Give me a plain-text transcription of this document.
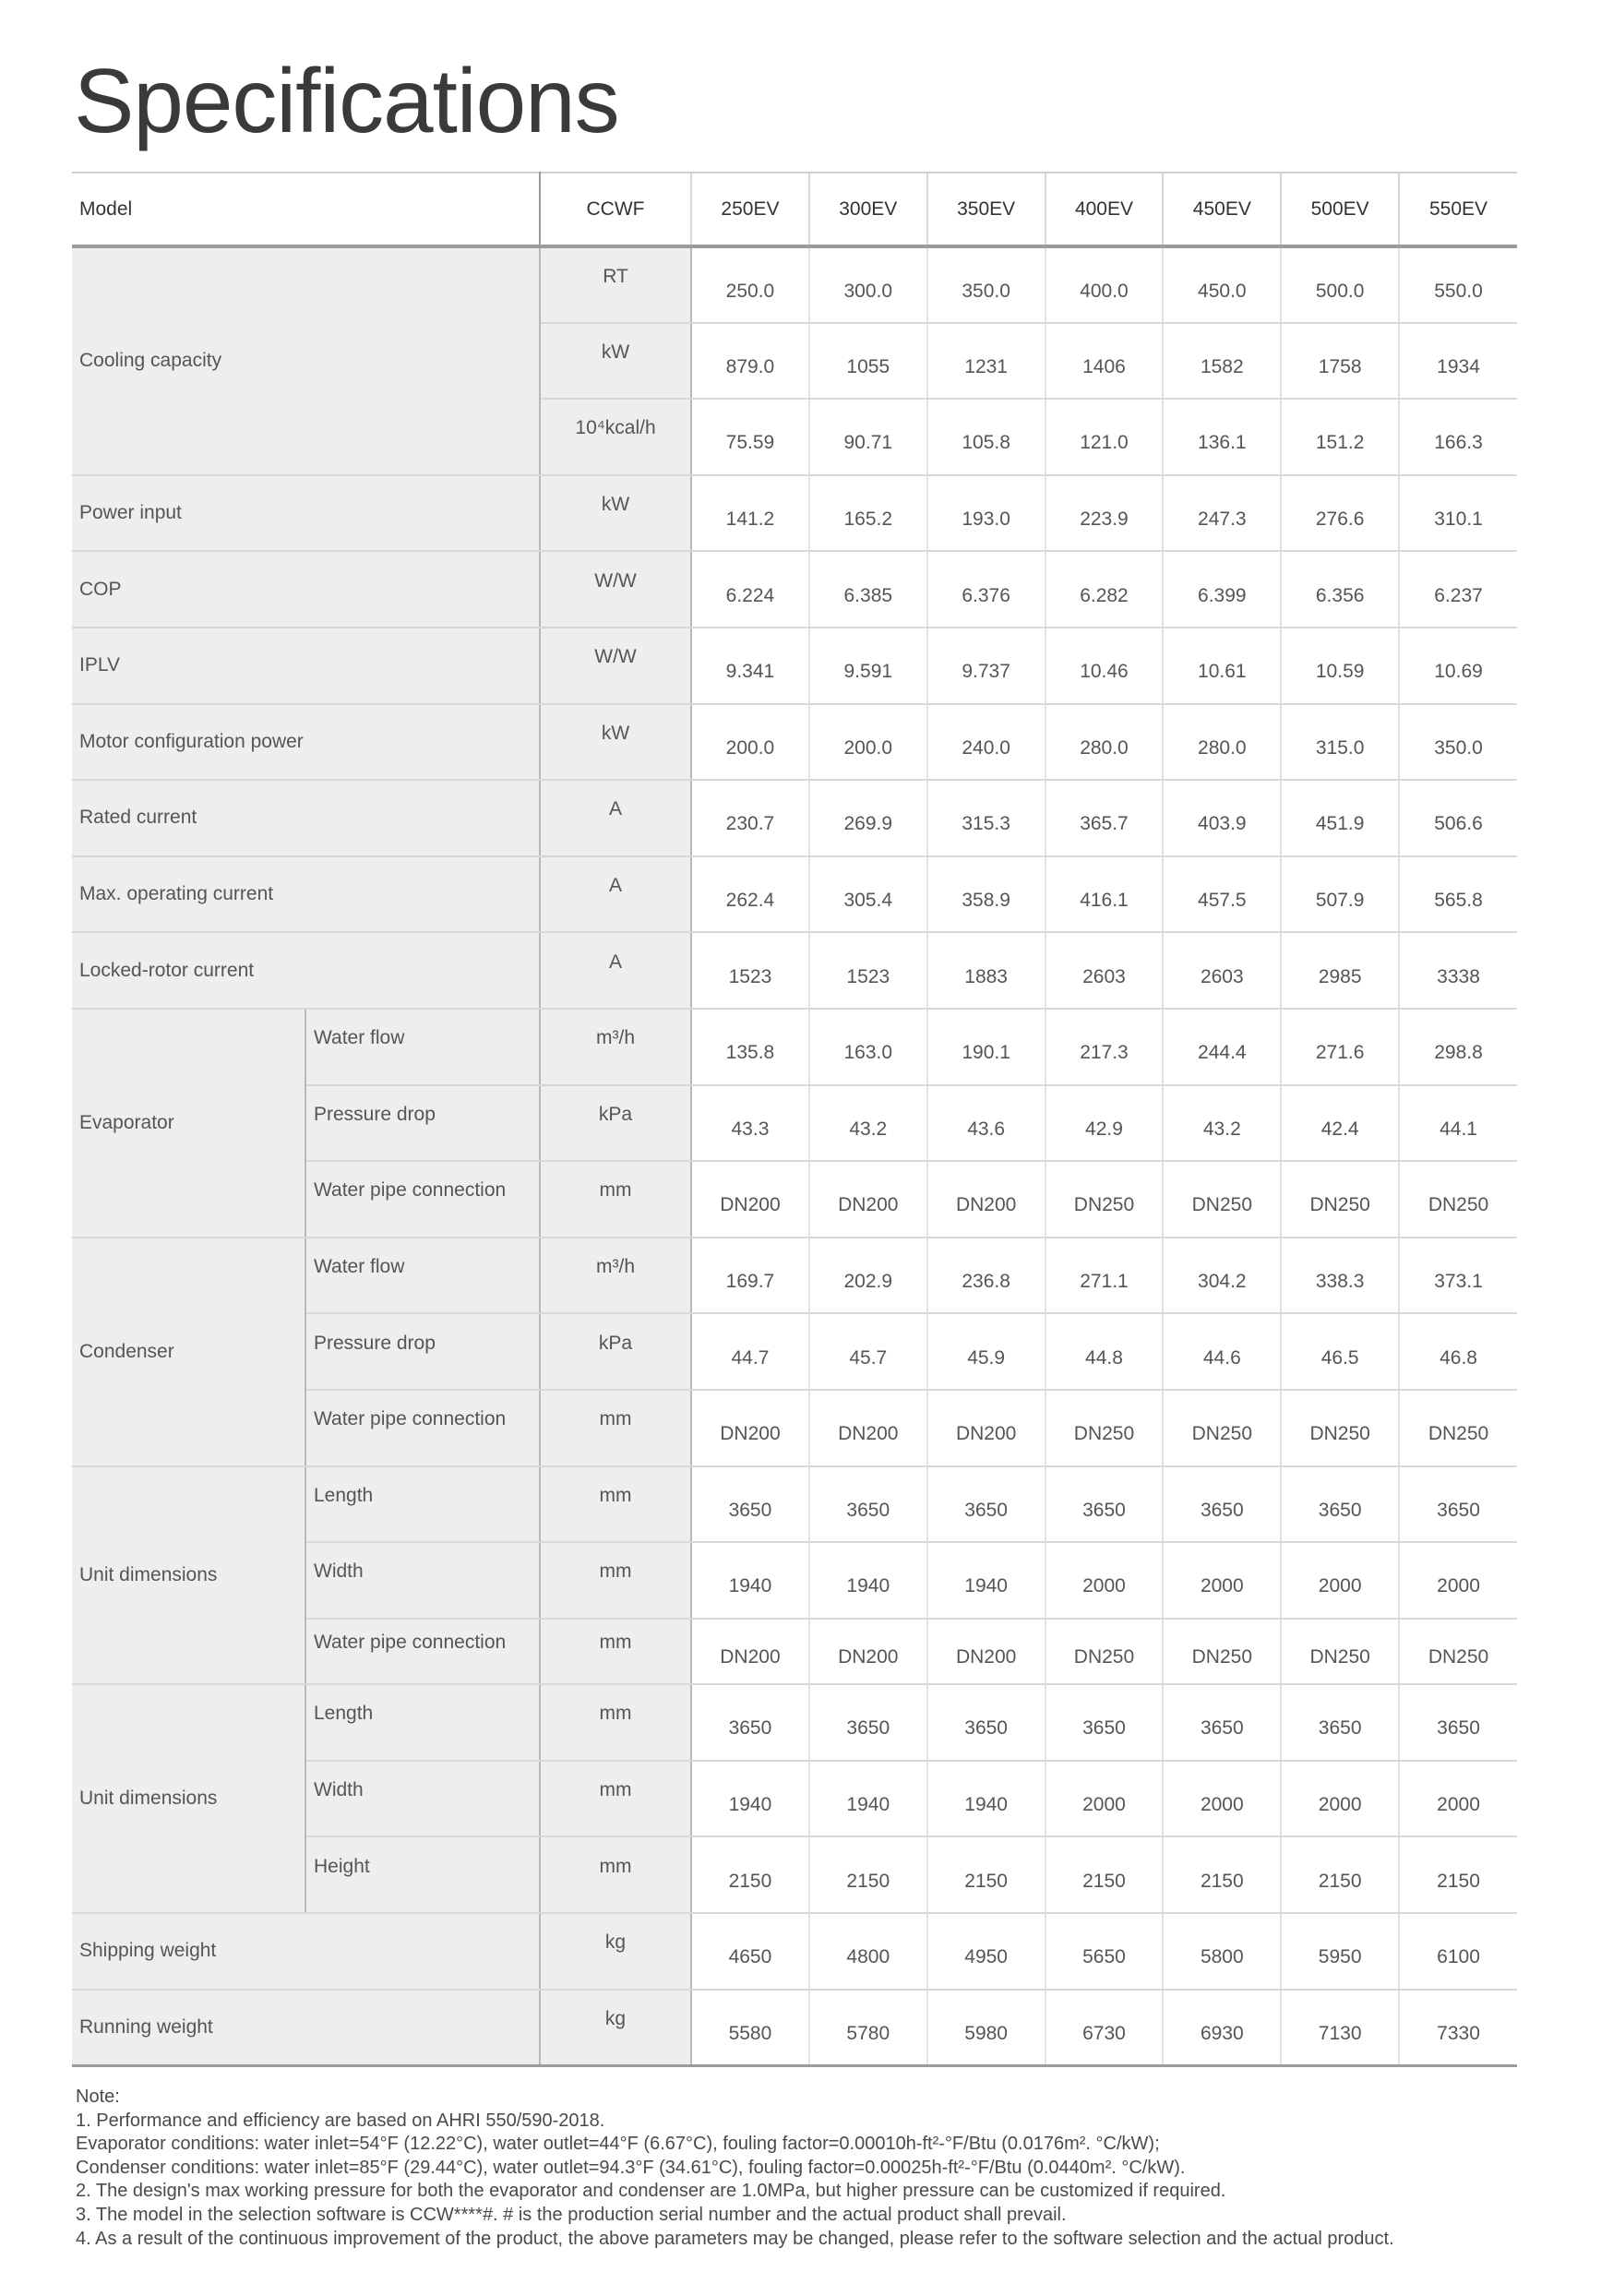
Specifications
Model		CCWF	250EV	300EV	350EV	400EV	450EV	500EV	550EV
Cooling capacity		RT	250.0	300.0	350.0	400.0	450.0	500.0	550.0
		kW	879.0	1055	1231	1406	1582	1758	1934
		10⁴kcal/h	75.59	90.71	105.8	121.0	136.1	151.2	166.3
Power input		kW	141.2	165.2	193.0	223.9	247.3	276.6	310.1
COP		W/W	6.224	6.385	6.376	6.282	6.399	6.356	6.237
IPLV		W/W	9.341	9.591	9.737	10.46	10.61	10.59	10.69
Motor configuration power		kW	200.0	200.0	240.0	280.0	280.0	315.0	350.0
Rated current		A	230.7	269.9	315.3	365.7	403.9	451.9	506.6
Max. operating current		A	262.4	305.4	358.9	416.1	457.5	507.9	565.8
Locked-rotor current		A	1523	1523	1883	2603	2603	2985	3338
Evaporator	Water flow	m³/h	135.8	163.0	190.1	217.3	244.4	271.6	298.8
	Pressure drop	kPa	43.3	43.2	43.6	42.9	43.2	42.4	44.1
	Water pipe connection	mm	DN200	DN200	DN200	DN250	DN250	DN250	DN250
Condenser	Water flow	m³/h	169.7	202.9	236.8	271.1	304.2	338.3	373.1
	Pressure drop	kPa	44.7	45.7	45.9	44.8	44.6	46.5	46.8
	Water pipe connection	mm	DN200	DN200	DN200	DN250	DN250	DN250	DN250
Unit dimensions	Length	mm	3650	3650	3650	3650	3650	3650	3650
	Width	mm	1940	1940	1940	2000	2000	2000	2000
	Water pipe connection	mm	DN200	DN200	DN200	DN250	DN250	DN250	DN250
Unit dimensions	Length	mm	3650	3650	3650	3650	3650	3650	3650
	Width	mm	1940	1940	1940	2000	2000	2000	2000
	Height	mm	2150	2150	2150	2150	2150	2150	2150
Shipping weight		kg	4650	4800	4950	5650	5800	5950	6100
Running weight		kg	5580	5780	5980	6730	6930	7130	7330
Note:
1. Performance and efficiency are based on AHRI 550/590-2018.
Evaporator conditions: water inlet=54°F (12.22°C), water outlet=44°F (6.67°C), fouling factor=0.00010h-ft²-°F/Btu (0.0176m². °C/kW);
Condenser conditions: water inlet=85°F (29.44°C), water outlet=94.3°F (34.61°C), fouling factor=0.00025h-ft²-°F/Btu (0.0440m². °C/kW).
2. The design's max working pressure for both the evaporator and condenser are 1.0MPa, but higher pressure can be customized if required.
3. The model in the selection software is CCW****#. # is the production serial number and the actual product shall prevail.
4. As a result of the continuous improvement of the product, the above parameters may be changed, please refer to the software selection and the actual product.
